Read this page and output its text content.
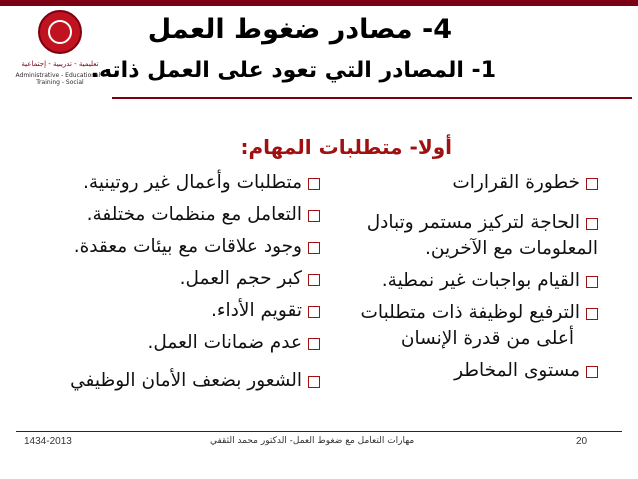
تعليمية - تدريبية - إجتماعية
Administrative - Educational - Training - Social
4- مصادر ضغوط العمل
1- المصادر التي تعود على العمل ذاته.
أولا- متطلبات المهام:
خطورة القرارات
الحاجة لتركيز مستمر وتبادل
المعلومات مع الآخرين.
القيام بواجبات غير نمطية.
الترفيع لوظيفة ذات متطلبات
أعلى من قدرة الإنسان
مستوى المخاطر
متطلبات وأعمال غير روتينية.
التعامل مع منظمات مختلفة.
وجود علاقات مع بيئات معقدة.
كبر حجم العمل.
تقويم الأداء.
عدم ضمانات العمل.
الشعور بضعف الأمان الوظيفي
1434-2013	مهارات التعامل مع ضغوط العمل- الدكتور محمد الثقفي	20
